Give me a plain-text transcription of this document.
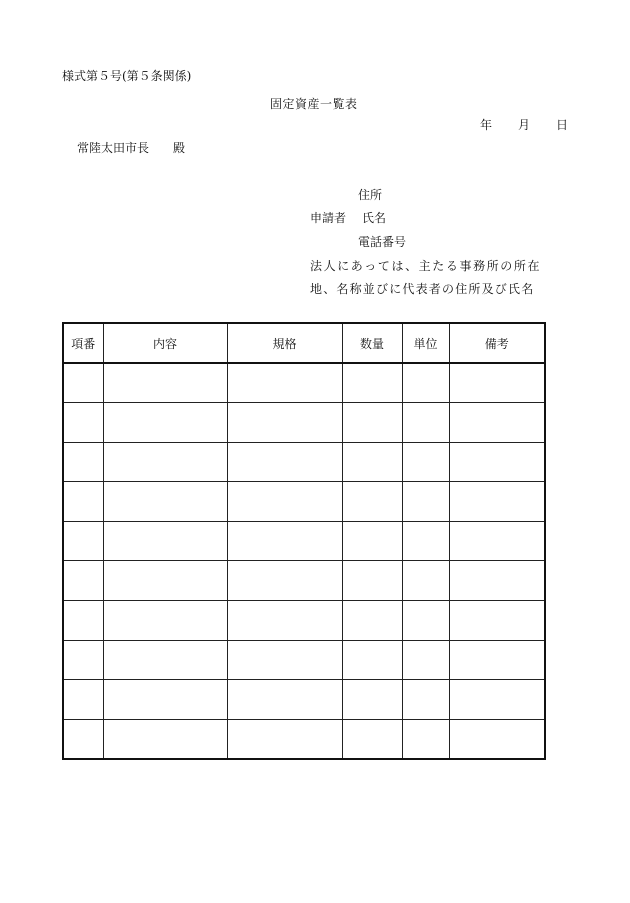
様式第５号(第５条関係)
固定資産一覧表
年 月 日
常陸太田市長 殿
住所
申請者 氏名
電話番号
法人にあっては、主たる事務所の所在
地、名称並びに代表者の住所及び氏名
項番	内容	規格	数量	単位	備考
